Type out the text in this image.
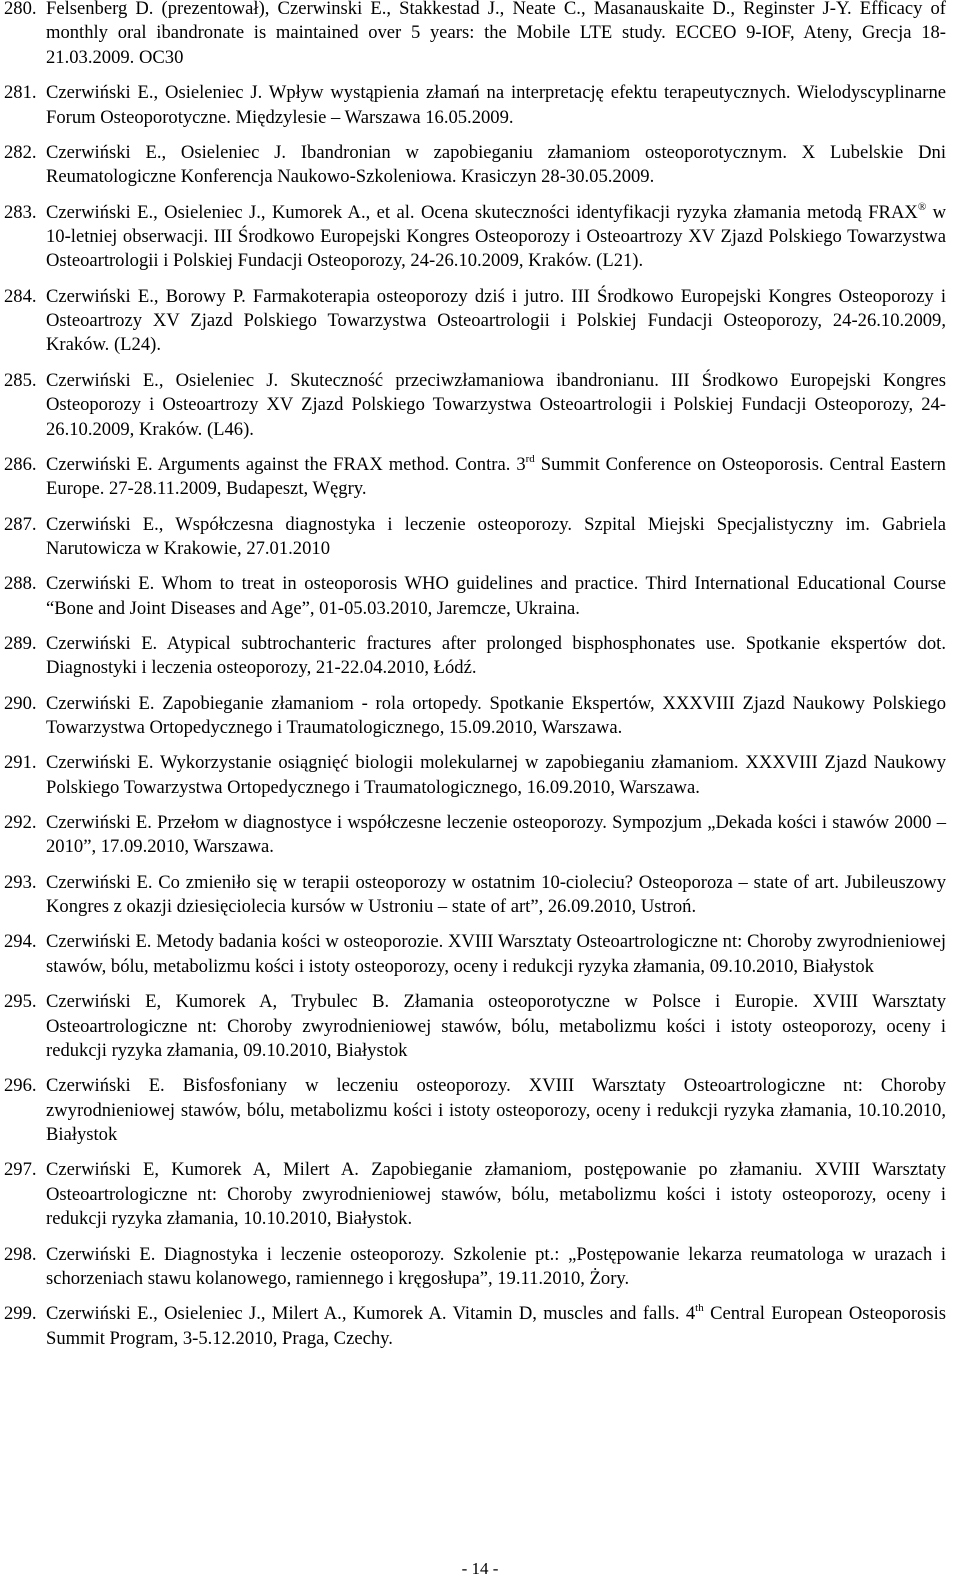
280. Felsenberg D. (prezentował), Czerwinski E., Stakkestad J., Neate C., Masanauskaite D., Reginster J-Y. Efficacy of monthly oral ibandronate is maintained over 5 years: the Mobile LTE study. ECCEO 9-IOF, Ateny, Grecja 18-21.03.2009. OC30
281. Czerwiński E., Osieleniec J. Wpływ wystąpienia złamań na interpretację efektu terapeutycznych. Wielodyscyplinarne Forum Osteoporotyczne. Międzylesie – Warszawa 16.05.2009.
282. Czerwiński E., Osieleniec J. Ibandronian w zapobieganiu złamaniom osteoporotycznym. X Lubelskie Dni Reumatologiczne Konferencja Naukowo-Szkoleniowa. Krasiczyn 28-30.05.2009.
283. Czerwiński E., Osieleniec J., Kumorek A., et al. Ocena skuteczności identyfikacji ryzyka złamania metodą FRAX® w 10-letniej obserwacji. III Środkowo Europejski Kongres Osteoporozy i Osteoartrozy XV Zjazd Polskiego Towarzystwa Osteoartrologii i Polskiej Fundacji Osteoporozy, 24-26.10.2009, Kraków. (L21).
284. Czerwiński E., Borowy P. Farmakoterapia osteoporozy dziś i jutro. III Środkowo Europejski Kongres Osteoporozy i Osteoartrozy XV Zjazd Polskiego Towarzystwa Osteoartrologii i Polskiej Fundacji Osteoporozy, 24-26.10.2009, Kraków. (L24).
285. Czerwiński E., Osieleniec J. Skuteczność przeciwzłamaniowa ibandronianu. III Środkowo Europejski Kongres Osteoporozy i Osteoartrozy XV Zjazd Polskiego Towarzystwa Osteoartrologii i Polskiej Fundacji Osteoporozy, 24-26.10.2009, Kraków. (L46).
286. Czerwiński E. Arguments against the FRAX method. Contra. 3rd Summit Conference on Osteoporosis. Central Eastern Europe. 27-28.11.2009, Budapeszt, Węgry.
287. Czerwiński E., Współczesna diagnostyka i leczenie osteoporozy. Szpital Miejski Specjalistyczny im. Gabriela Narutowicza w Krakowie, 27.01.2010
288. Czerwiński E. Whom to treat in osteoporosis WHO guidelines and practice. Third International Educational Course “Bone and Joint Diseases and Age”, 01-05.03.2010, Jaremcze, Ukraina.
289. Czerwiński E. Atypical subtrochanteric fractures after prolonged bisphosphonates use. Spotkanie ekspertów dot. Diagnostyki i leczenia osteoporozy, 21-22.04.2010, Łódź.
290. Czerwiński E. Zapobieganie złamaniom - rola ortopedy. Spotkanie Ekspertów, XXXVIII Zjazd Naukowy Polskiego Towarzystwa Ortopedycznego i Traumatologicznego, 15.09.2010, Warszawa.
291. Czerwiński E. Wykorzystanie osiągnięć biologii molekularnej w zapobieganiu złamaniom. XXXVIII Zjazd Naukowy Polskiego Towarzystwa Ortopedycznego i Traumatologicznego, 16.09.2010, Warszawa.
292. Czerwiński E. Przełom w diagnostyce i współczesne leczenie osteoporozy. Sympozjum „Dekada kości i stawów 2000 – 2010”, 17.09.2010, Warszawa.
293. Czerwiński E. Co zmieniło się w terapii osteoporozy w ostatnim 10-cioleciu? Osteoporoza – state of art. Jubileuszowy Kongres z okazji dziesięciolecia kursów w Ustroniu – state of art”, 26.09.2010, Ustroń.
294. Czerwiński E. Metody badania kości w osteoporozie. XVIII Warsztaty Osteoartrologiczne nt: Choroby zwyrodnieniowej stawów, bólu, metabolizmu kości i istoty osteoporozy, oceny i redukcji ryzyka złamania, 09.10.2010, Białystok
295. Czerwiński E, Kumorek A, Trybulec B. Złamania osteoporotyczne w Polsce i Europie. XVIII Warsztaty Osteoartrologiczne nt: Choroby zwyrodnieniowej stawów, bólu, metabolizmu kości i istoty osteoporozy, oceny i redukcji ryzyka złamania, 09.10.2010, Białystok
296. Czerwiński E. Bisfosfoniany w leczeniu osteoporozy. XVIII Warsztaty Osteoartrologiczne nt: Choroby zwyrodnieniowej stawów, bólu, metabolizmu kości i istoty osteoporozy, oceny i redukcji ryzyka złamania, 10.10.2010, Białystok
297. Czerwiński E, Kumorek A, Milert A. Zapobieganie złamaniom, postępowanie po złamaniu. XVIII Warsztaty Osteoartrologiczne nt: Choroby zwyrodnieniowej stawów, bólu, metabolizmu kości i istoty osteoporozy, oceny i redukcji ryzyka złamania, 10.10.2010, Białystok.
298. Czerwiński E. Diagnostyka i leczenie osteoporozy. Szkolenie pt.: „Postępowanie lekarza reumatologa w urazach i schorzeniach stawu kolanowego, ramiennego i kręgosłupa”, 19.11.2010, Żory.
299. Czerwiński E., Osieleniec J., Milert A., Kumorek A. Vitamin D, muscles and falls. 4th Central European Osteoporosis Summit Program, 3-5.12.2010, Praga, Czechy.
- 14 -
